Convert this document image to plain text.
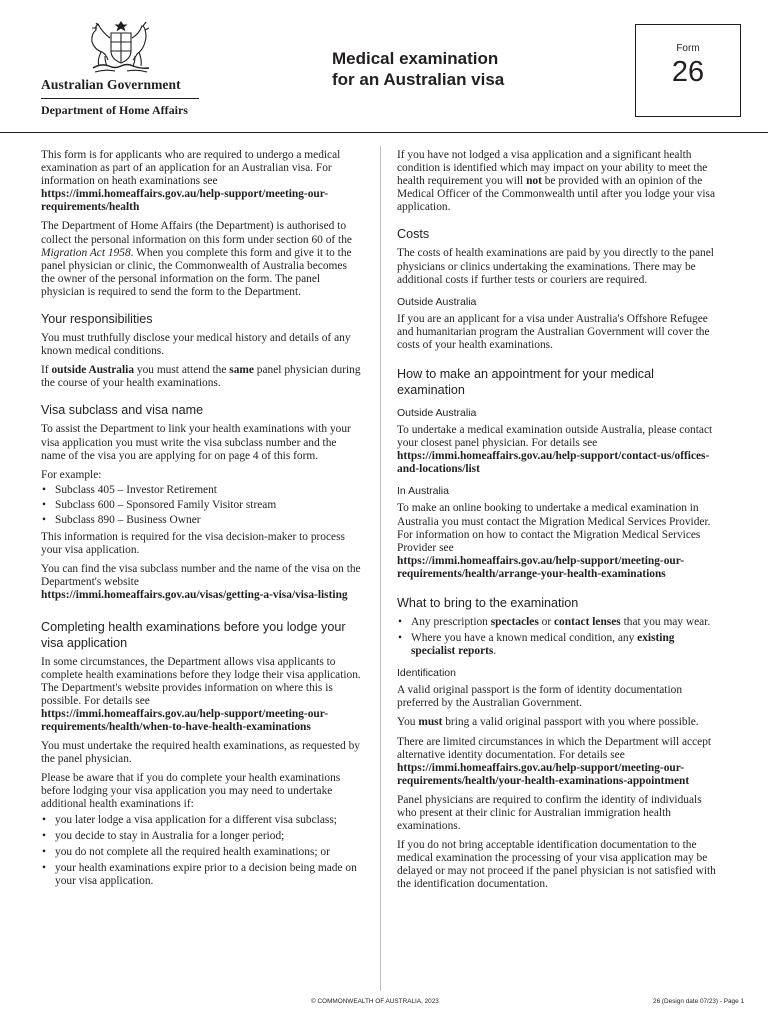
Australian Government
Department of Home Affairs
Medical examination
for an Australian visa
Form
26

This form is for applicants who are required to undergo a medical examination as part of an application for an Australian visa. For information on heath examinations see https://immi.homeaffairs.gov.au/help-support/meeting-our-requirements/health

The Department of Home Affairs (the Department) is authorised to collect the personal information on this form under section 60 of the Migration Act 1958. When you complete this form and give it to the panel physician or clinic, the Commonwealth of Australia becomes the owner of the personal information on the form. The panel physician is required to send the form to the Department.

Your responsibilities

You must truthfully disclose your medical history and details of any known medical conditions.

If outside Australia you must attend the same panel physician during the course of your health examinations.

Visa subclass and visa name

To assist the Department to link your health examinations with your visa application you must write the visa subclass number and the name of the visa you are applying for on page 4 of this form.

For example:

• Subclass 405 – Investor Retirement
• Subclass 600 – Sponsored Family Visitor stream
• Subclass 890 – Business Owner

This information is required for the visa decision-maker to process your visa application.

You can find the visa subclass number and the name of the visa on the Department's website
https://immi.homeaffairs.gov.au/visas/getting-a-visa/visa-listing

Completing health examinations before you lodge your visa application

In some circumstances, the Department allows visa applicants to complete health examinations before they lodge their visa application. The Department's website provides information on where this is possible. For details see
https://immi.homeaffairs.gov.au/help-support/meeting-our-requirements/health/when-to-have-health-examinations

You must undertake the required health examinations, as requested by the panel physician.

Please be aware that if you do complete your health examinations before lodging your visa application you may need to undertake additional health examinations if:

• you later lodge a visa application for a different visa subclass;
• you decide to stay in Australia for a longer period;
• you do not complete all the required health examinations; or
• your health examinations expire prior to a decision being made on your visa application.

If you have not lodged a visa application and a significant health condition is identified which may impact on your ability to meet the health requirement you will not be provided with an opinion of the Medical Officer of the Commonwealth until after you lodge your visa application.

Costs

The costs of health examinations are paid by you directly to the panel physicians or clinics undertaking the examinations. There may be additional costs if further tests or couriers are required.

Outside Australia

If you are an applicant for a visa under Australia's Offshore Refugee and humanitarian program the Australian Government will cover the costs of your health examinations.

How to make an appointment for your medical examination
Outside Australia

To undertake a medical examination outside Australia, please contact your closest panel physician. For details see
https://immi.homeaffairs.gov.au/help-support/contact-us/offices-and-locations/list

In Australia

To make an online booking to undertake a medical examination in Australia you must contact the Migration Medical Services Provider. For information on how to contact the Migration Medical Services Provider see
https://immi.homeaffairs.gov.au/help-support/meeting-our-requirements/health/arrange-your-health-examinations

What to bring to the examination
• Any prescription spectacles or contact lenses that you may wear.
• Where you have a known medical condition, any existing specialist reports.
Identification

A valid original passport is the form of identity documentation preferred by the Australian Government.

You must bring a valid original passport with you where possible.

There are limited circumstances in which the Department will accept alternative identity documentation. For details see
https://immi.homeaffairs.gov.au/help-support/meeting-our-requirements/health/your-health-examinations-appointment

Panel physicians are required to confirm the identity of individuals who present at their clinic for Australian immigration health examinations.

If you do not bring acceptable identification documentation to the medical examination the processing of your visa application may be delayed or may not proceed if the panel physician is not satisfied with the identification documentation.

© COMMONWEALTH OF AUSTRALIA, 2023	26 (Design date 07/23) - Page 1
